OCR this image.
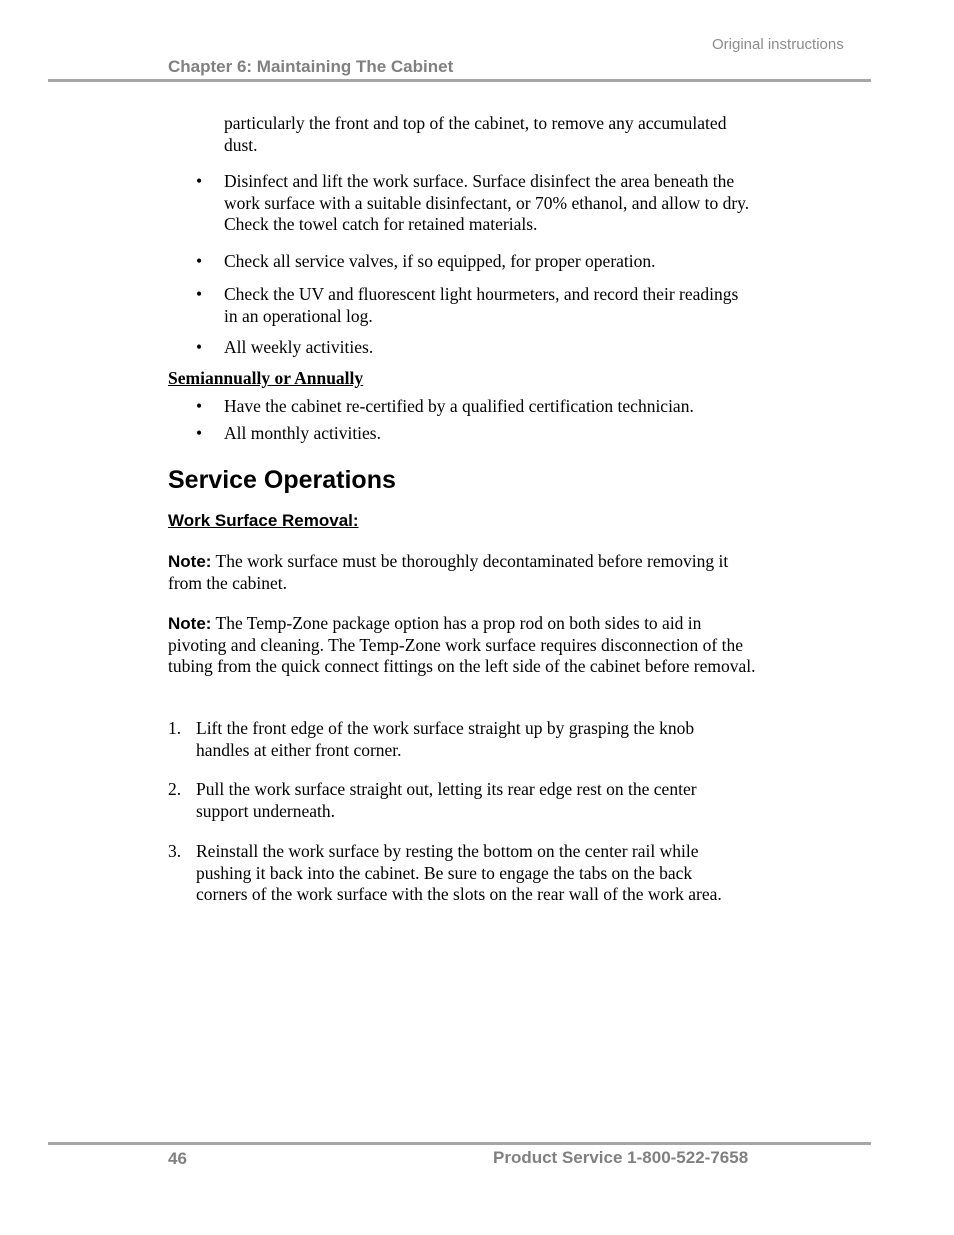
Original instructions
Chapter 6: Maintaining The Cabinet
particularly the front and top of the cabinet, to remove any accumulated dust.
• Disinfect and lift the work surface. Surface disinfect the area beneath the work surface with a suitable disinfectant, or 70% ethanol, and allow to dry. Check the towel catch for retained materials.
• Check all service valves, if so equipped, for proper operation.
• Check the UV and fluorescent light hourmeters, and record their readings in an operational log.
• All weekly activities.
Semiannually or Annually
• Have the cabinet re-certified by a qualified certification technician.
• All monthly activities.
Service Operations
Work Surface Removal:
Note: The work surface must be thoroughly decontaminated before removing it from the cabinet.
Note: The Temp-Zone package option has a prop rod on both sides to aid in pivoting and cleaning. The Temp-Zone work surface requires disconnection of the tubing from the quick connect fittings on the left side of the cabinet before removal.
1. Lift the front edge of the work surface straight up by grasping the knob handles at either front corner.
2. Pull the work surface straight out, letting its rear edge rest on the center support underneath.
3. Reinstall the work surface by resting the bottom on the center rail while pushing it back into the cabinet. Be sure to engage the tabs on the back corners of the work surface with the slots on the rear wall of the work area.
46	Product Service 1-800-522-7658
